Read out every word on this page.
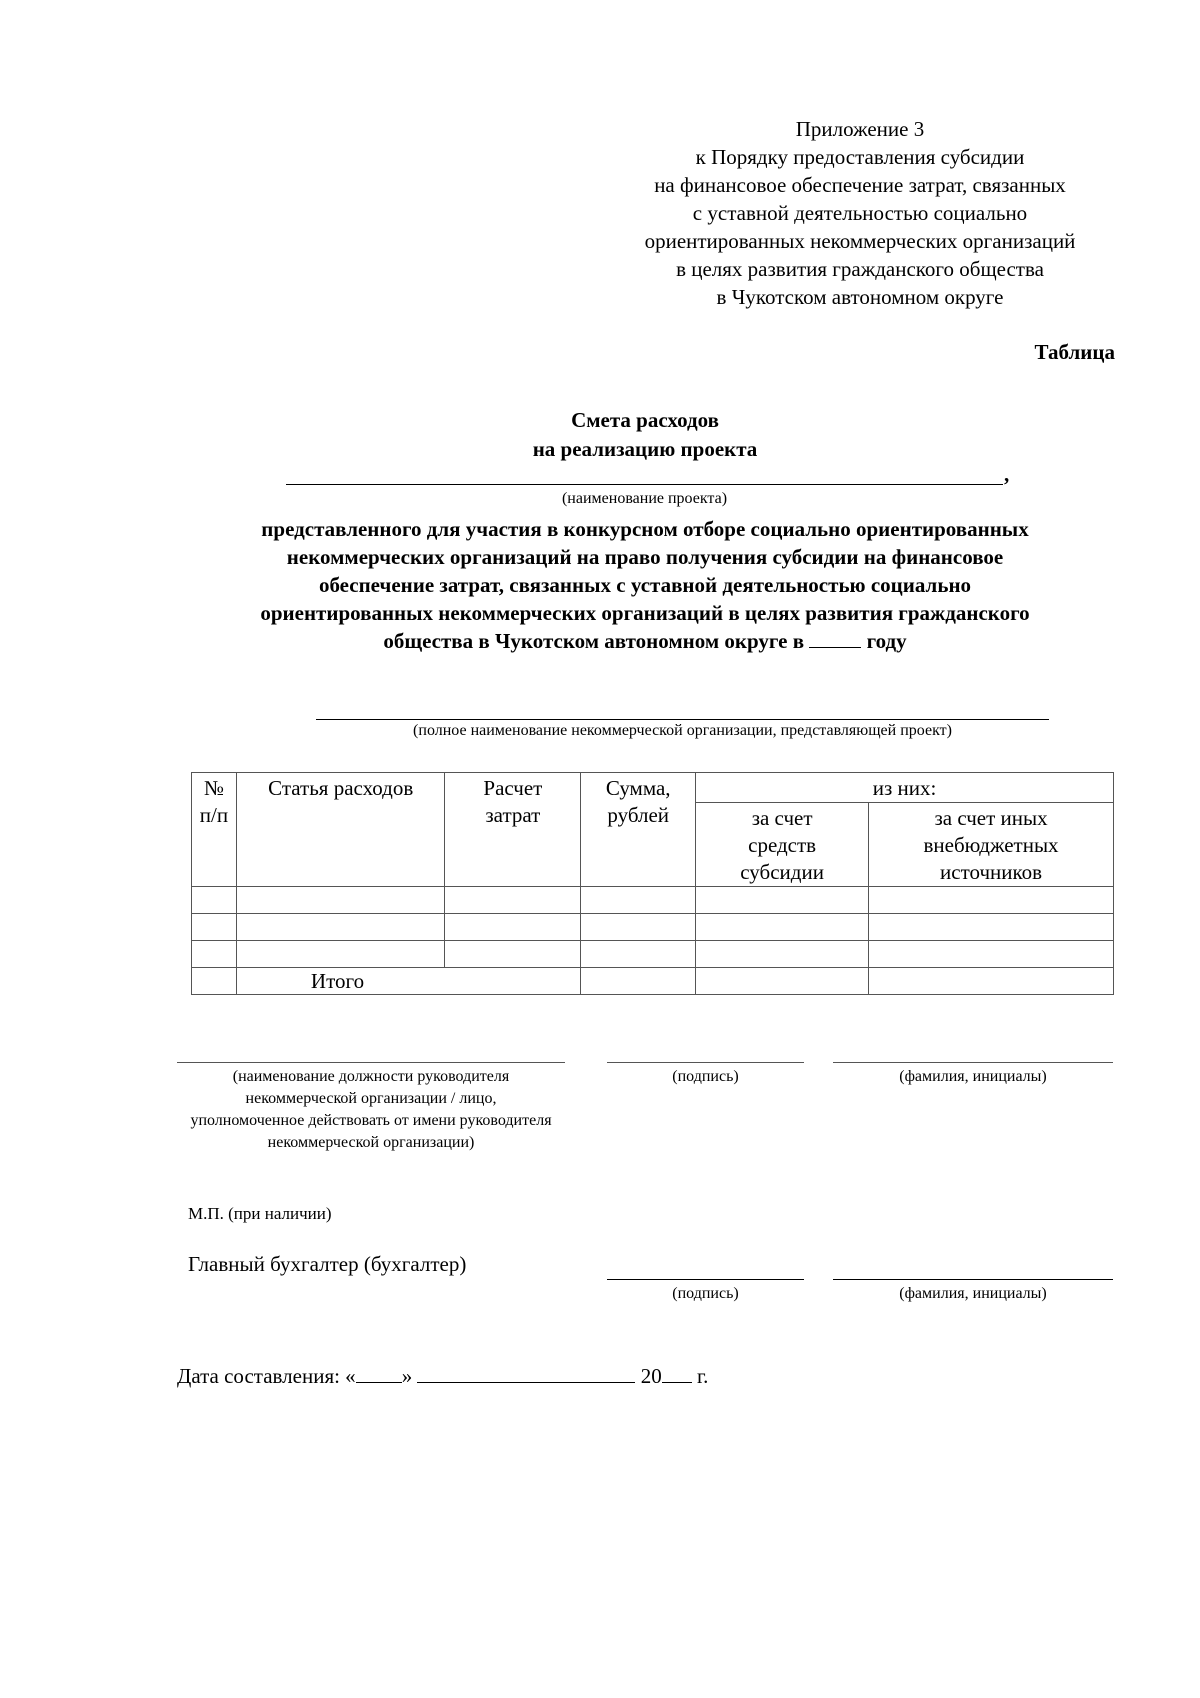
Приложение 3
к Порядку предоставления субсидии
на финансовое обеспечение затрат, связанных
с уставной деятельностью социально
ориентированных некоммерческих организаций
в целях развития гражданского общества
в Чукотском автономном округе
Таблица
Смета расходов
на реализацию проекта
,
(наименование проекта)
представленного для участия в конкурсном отборе социально ориентированных
некоммерческих организаций на право получения субсидии на финансовое
обеспечение затрат, связанных с уставной деятельностью социально
ориентированных некоммерческих организаций в целях развития гражданского
общества в Чукотском автономном округе в	году
(полное наименование некоммерческой организации, представляющей проект)
№ п/п	Статья расходов	Расчет затрат	Сумма, рублей	из них:	
				за счет средств субсидии	за счет иных внебюджетных источников

	Итого				
(наименование должности руководителя некоммерческой организации / лицо, уполномоченное действовать от имени руководителя некоммерческой организации)
(подпись)	(фамилия, инициалы)
М.П. (при наличии)
Главный бухгалтер (бухгалтер)
(подпись)	(фамилия, инициалы)
Дата составления: « »	20 г.
